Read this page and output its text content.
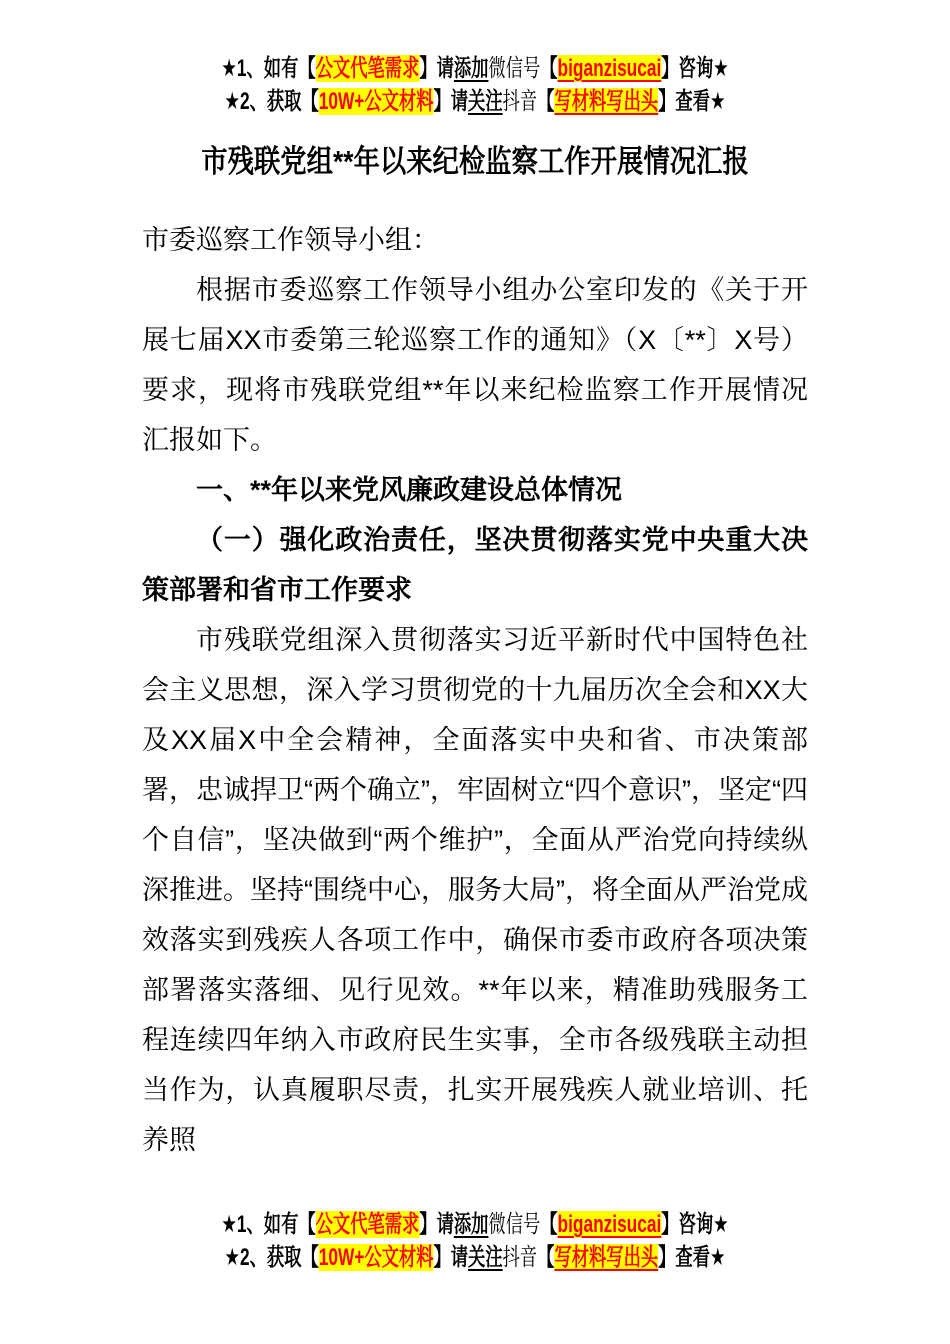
★1、如有【公文代笔需求】请添加微信号【biganzisucai】咨询★
★2、获取【10W+公文材料】请关注抖音【写材料写出头】查看★
市残联党组**年以来纪检监察工作开展情况汇报

市委巡察工作领导小组：

根据市委巡察工作领导小组办公室印发的《关于开展七届XX市委第三轮巡察工作的通知》（X〔**〕X号）要求，现将市残联党组**年以来纪检监察工作开展情况汇报如下。

一、**年以来党风廉政建设总体情况

（一）强化政治责任，坚决贯彻落实党中央重大决策部署和省市工作要求

市残联党组深入贯彻落实习近平新时代中国特色社会主义思想，深入学习贯彻党的十九届历次全会和XX大及XX届X中全会精神，全面落实中央和省、市决策部署，忠诚捍卫“两个确立”，牢固树立“四个意识”，坚定“四个自信”，坚决做到“两个维护”，全面从严治党向持续纵深推进。坚持“围绕中心，服务大局”，将全面从严治党成效落实到残疾人各项工作中，确保市委市政府各项决策部署落实落细、见行见效。**年以来，精准助残服务工程连续四年纳入市政府民生实事，全市各级残联主动担当作为，认真履职尽责，扎实开展残疾人就业培训、托养照

★1、如有【公文代笔需求】请添加微信号【biganzisucai】咨询★
★2、获取【10W+公文材料】请关注抖音【写材料写出头】查看★
